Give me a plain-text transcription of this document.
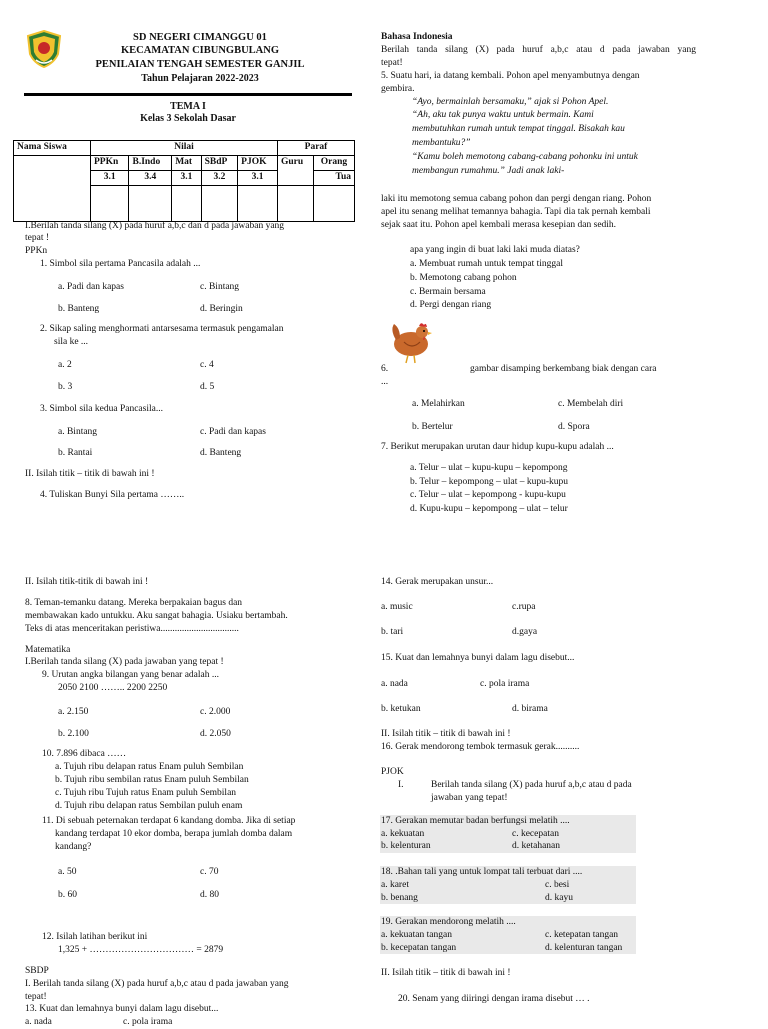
SD NEGERI CIMANGGU 01
KECAMATAN CIBUNGBULANG
PENILAIAN TENGAH SEMESTER GANJIL
Tahun Pelajaran 2022-2023
TEMA I
Kelas 3 Sekolah Dasar
Nama Siswa	Nilai					Paraf	
	PPKn	B.Indo	Mat	SBdP	PJOK	Guru	Orang
	3.1	3.4	3.1	3.2	3.1		Tua

I.Berilah tanda silang (X) pada huruf a,b,c dan d pada jawaban yang
tepat !
PPKn
1. Simbol sila pertama Pancasila adalah ...
a. Padi dan kapas	c. Bintang
b. Banteng	d. Beringin
2. Sikap saling menghormati antarsesama termasuk pengamalan
sila ke ...
a. 2	c. 4
b. 3	d. 5
3. Simbol sila kedua Pancasila...
a. Bintang	c. Padi dan kapas
b. Rantai	d. Banteng
II. Isilah titik – titik di bawah ini !
4. Tuliskan Bunyi Sila pertama ……..
II. Isilah titik-titik di bawah ini !
8. Teman-temanku datang. Mereka berpakaian bagus dan
membawakan kado untukku. Aku sangat bahagia. Usiaku bertambah.
Teks di atas menceritakan peristiwa.................................
Matematika
I.Berilah tanda silang (X) pada jawaban yang tepat !
9. Urutan angka bilangan yang benar adalah ...
2050 2100 …….. 2200 2250
a. 2.150	c. 2.000
b. 2.100	d. 2.050
10. 7.896 dibaca ……
a. Tujuh ribu delapan ratus Enam puluh Sembilan
b. Tujuh ribu sembilan ratus Enam puluh Sembilan
c. Tujuh ribu Tujuh ratus Enam puluh Sembilan
d. Tujuh ribu delapan ratus Sembilan puluh enam
11. Di sebuah peternakan terdapat 6 kandang domba. Jika di setiap
kandang terdapat 10 ekor domba, berapa jumlah domba dalam
kandang?
a. 50	c. 70
b. 60	d. 80
12. Isilah latihan berikut ini
1,325 + …………………………… = 2879
SBDP
I. Berilah tanda silang (X) pada huruf a,b,c atau d pada jawaban yang
tepat!
13. Kuat dan lemahnya bunyi dalam lagu disebut...
a. nada	c. pola irama
Bahasa Indonesia
Berilah tanda silang (X) pada huruf a,b,c atau d pada jawaban yang
tepat!
5. Suatu hari, ia datang kembali. Pohon apel menyambutnya dengan
gembira.
“Ayo, bermainlah bersamaku,” ajak si Pohon Apel.
“Ah, aku tak punya waktu untuk bermain. Kami
membutuhkan rumah untuk tempat tinggal. Bisakah kau
membantuku?”
“Kamu boleh memotong cabang-cabang pohonku ini untuk
membangun rumahmu.” Jadi anak laki-
laki itu memotong semua cabang pohon dan pergi dengan riang. Pohon
apel itu senang melihat temannya bahagia. Tapi dia tak pernah kembali
sejak saat itu. Pohon apel kembali merasa kesepian dan sedih.
apa yang ingin di buat laki laki muda diatas?
a. Membuat rumah untuk tempat tinggal
b. Memotong cabang pohon
c. Bermain bersama
d. Pergi dengan riang
6.	gambar disamping berkembang biak dengan cara
...
a. Melahirkan	c. Membelah diri
b. Bertelur	d. Spora
7. Berikut merupakan urutan daur hidup kupu-kupu adalah ...
a. Telur – ulat – kupu-kupu – kepompong
b. Telur – kepompong – ulat – kupu-kupu
c. Telur – ulat – kepompong - kupu-kupu
d. Kupu-kupu – kepompong – ulat – telur
14. Gerak merupakan unsur...
a. music	c.rupa
b. tari	d.gaya
15. Kuat dan lemahnya bunyi dalam lagu disebut...
a. nada	c. pola irama
b. ketukan	d. birama
II. Isilah titik – titik di bawah ini !
16. Gerak mendorong tembok termasuk gerak..........
PJOK
I.	Berilah tanda silang (X) pada huruf a,b,c atau d pada
jawaban yang tepat!
17. Gerakan memutar badan berfungsi melatih ....
a. kekuatan	c. kecepatan
b. kelenturan	d. ketahanan
18. .Bahan tali yang untuk lompat tali terbuat dari ....
a. karet	c. besi
b. benang	d. kayu
19. Gerakan mendorong melatih ....
a. kekuatan tangan	c. ketepatan tangan
b. kecepatan tangan	d. kelenturan tangan
II. Isilah titik – titik di bawah ini !
20. Senam yang diiringi dengan irama disebut … .
